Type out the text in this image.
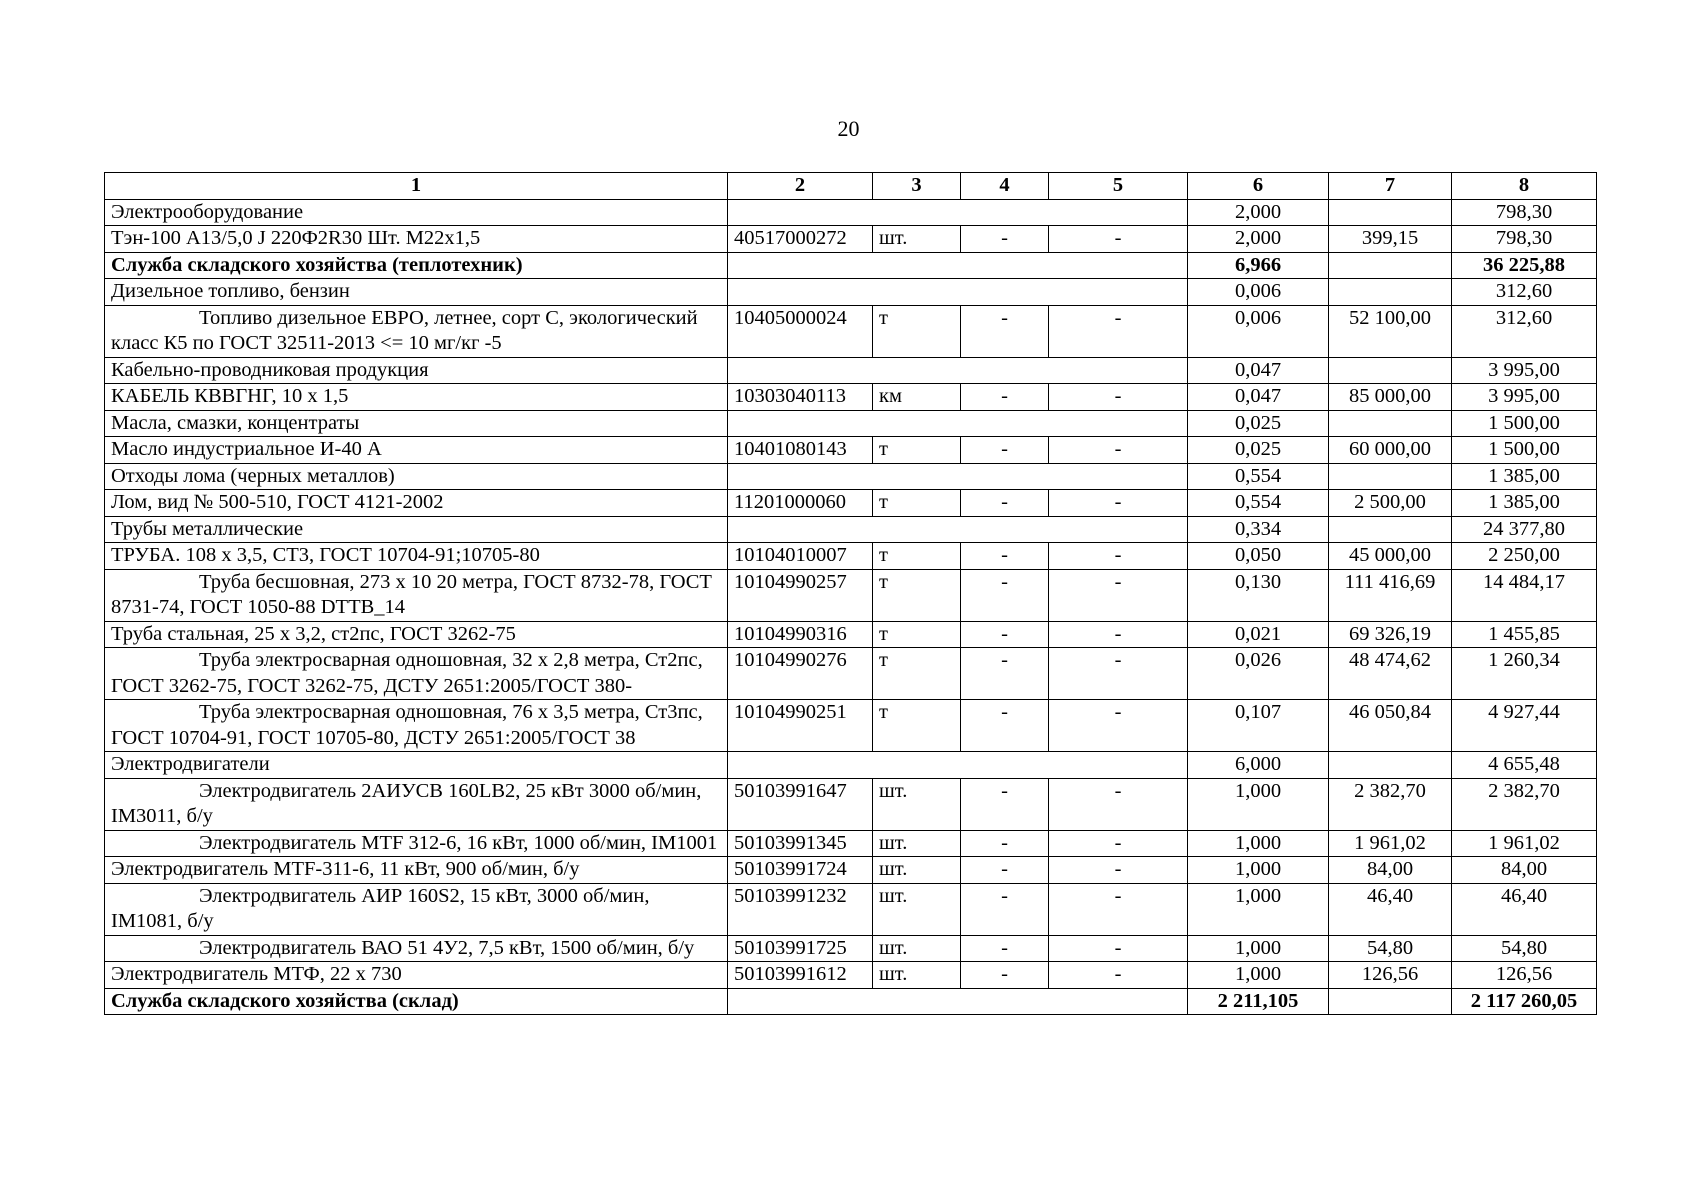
20
1	2	3	4	5	6	7	8
Электрооборудование					2,000		798,30
Тэн-100 А13/5,0 J 220Ф2R30 Шт. М22х1,5	40517000272	шт.	-	-	2,000	399,15	798,30
Служба складского хозяйства (теплотехник)					6,966		36 225,88
Дизельное топливо, бензин					0,006		312,60
Топливо дизельное ЕВРО, летнее, сорт С, экологический класс К5 по ГОСТ 32511-2013 <= 10 мг/кг -5	10405000024	т	-	-	0,006	52 100,00	312,60
Кабельно-проводниковая продукция					0,047		3 995,00
КАБЕЛЬ КВВГНГ, 10 х 1,5	10303040113	км	-	-	0,047	85 000,00	3 995,00
Масла, смазки, концентраты					0,025		1 500,00
Масло индустриальное И-40 А	10401080143	т	-	-	0,025	60 000,00	1 500,00
Отходы лома (черных металлов)					0,554		1 385,00
Лом, вид № 500-510, ГОСТ 4121-2002	11201000060	т	-	-	0,554	2 500,00	1 385,00
Трубы металлические					0,334		24 377,80
ТРУБА. 108 х 3,5, СТ3, ГОСТ 10704-91;10705-80	10104010007	т	-	-	0,050	45 000,00	2 250,00
Труба бесшовная, 273 х 10 20 метра, ГОСТ 8732-78, ГОСТ 8731-74, ГОСТ 1050-88 DTTB_14	10104990257	т	-	-	0,130	111 416,69	14 484,17
Труба стальная, 25 х 3,2, ст2пс, ГОСТ 3262-75	10104990316	т	-	-	0,021	69 326,19	1 455,85
Труба электросварная одношовная, 32 х 2,8 метра, Ст2пс, ГОСТ 3262-75, ГОСТ 3262-75, ДСТУ 2651:2005/ГОСТ 380-	10104990276	т	-	-	0,026	48 474,62	1 260,34
Труба электросварная одношовная, 76 х 3,5 метра, Ст3пс, ГОСТ 10704-91, ГОСТ 10705-80, ДСТУ 2651:2005/ГОСТ 38	10104990251	т	-	-	0,107	46 050,84	4 927,44
Электродвигатели					6,000		4 655,48
Электродвигатель 2АИУСВ 160LB2, 25 кВт 3000 об/мин, IM3011, б/у	50103991647	шт.	-	-	1,000	2 382,70	2 382,70
Электродвигатель MTF 312-6, 16 кВт, 1000 об/мин, IM1001	50103991345	шт.	-	-	1,000	1 961,02	1 961,02
Электродвигатель MTF-311-6, 11 кВт, 900 об/мин, б/у	50103991724	шт.	-	-	1,000	84,00	84,00
Электродвигатель АИР 160S2, 15 кВт, 3000 об/мин, IM1081, б/у	50103991232	шт.	-	-	1,000	46,40	46,40
Электродвигатель ВАО 51 4У2, 7,5 кВт, 1500 об/мин, б/у	50103991725	шт.	-	-	1,000	54,80	54,80
Электродвигатель МТФ, 22 х 730	50103991612	шт.	-	-	1,000	126,56	126,56
Служба складского хозяйства (склад)					2 211,105		2 117 260,05
